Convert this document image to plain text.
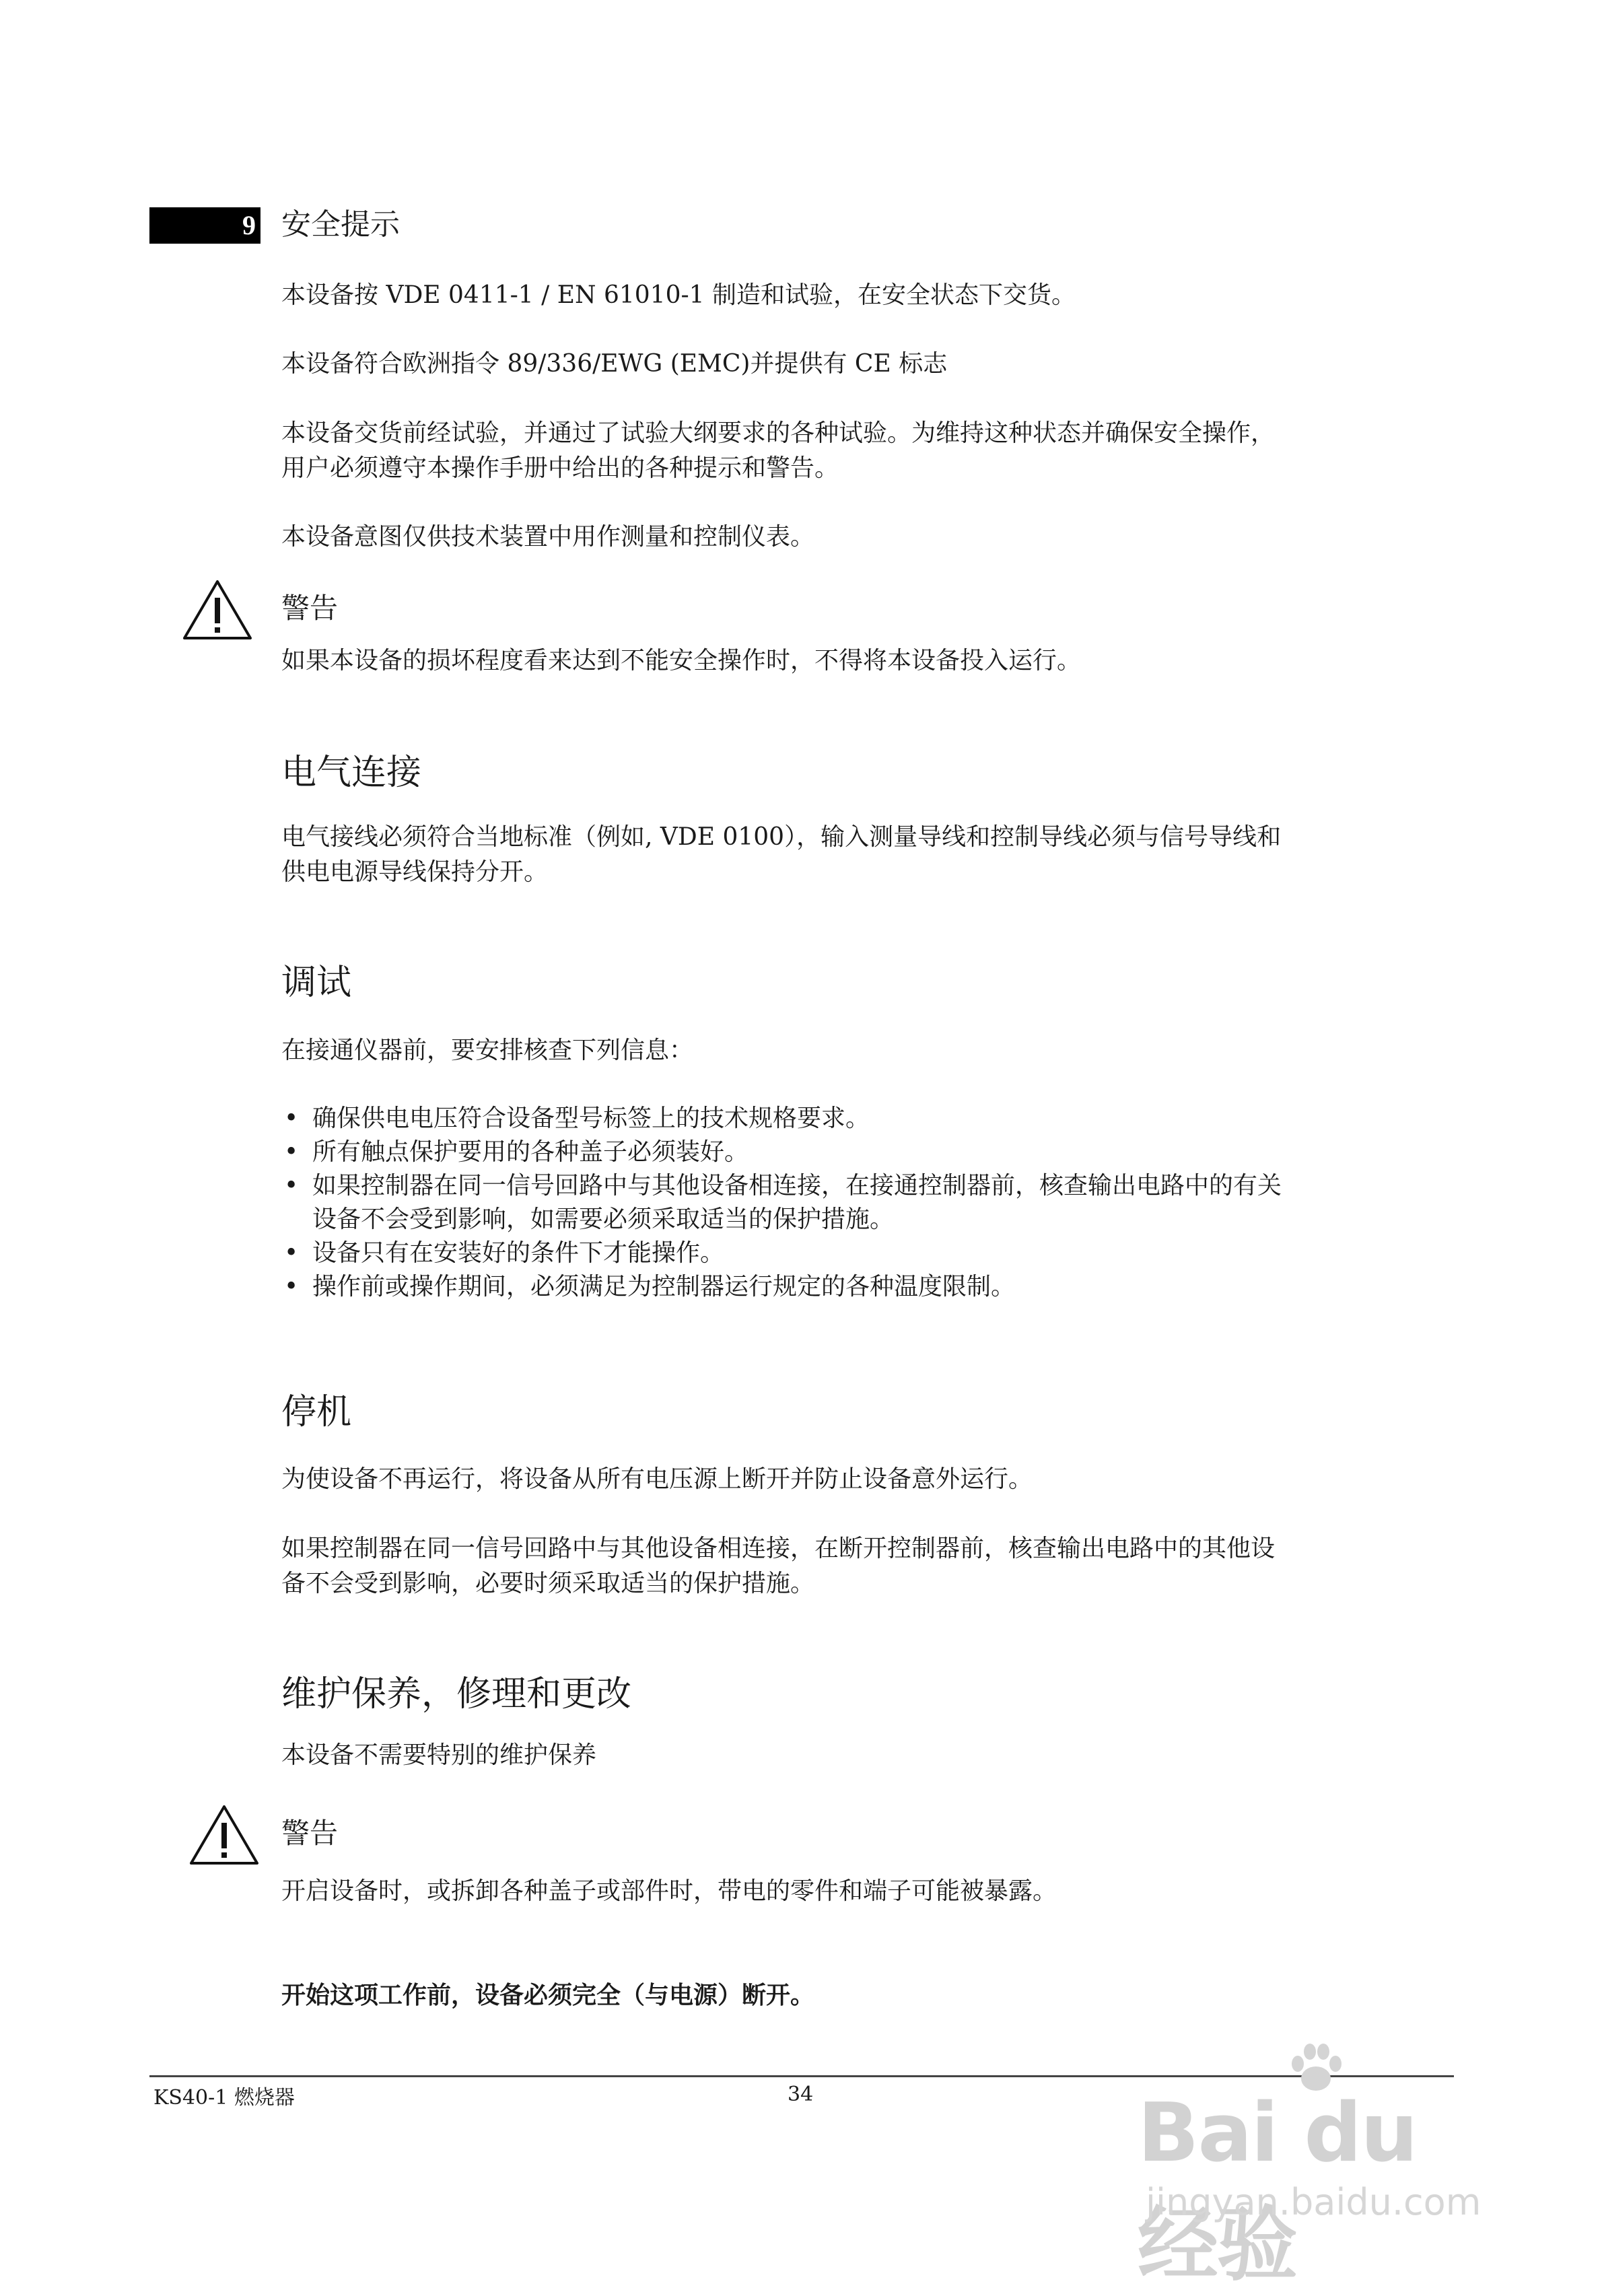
9 安全提示
本设备按 VDE 0411-1 / EN 61010-1 制造和试验，在安全状态下交货。
本设备符合欧洲指令 89/336/EWG (EMC)并提供有 CE 标志
本设备交货前经试验，并通过了试验大纲要求的各种试验。为维持这种状态并确保安全操作，
用户必须遵守本操作手册中给出的各种提示和警告。
本设备意图仅供技术装置中用作测量和控制仪表。
警告
如果本设备的损坏程度看来达到不能安全操作时，不得将本设备投入运行。
电气连接
电气接线必须符合当地标准（例如, VDE 0100），输入测量导线和控制导线必须与信号导线和
供电电源导线保持分开。
调试
在接通仪器前，要安排核查下列信息：
• 确保供电电压符合设备型号标签上的技术规格要求。
• 所有触点保护要用的各种盖子必须装好。
• 如果控制器在同一信号回路中与其他设备相连接，在接通控制器前，核查输出电路中的有关
设备不会受到影响，如需要必须采取适当的保护措施。
• 设备只有在安装好的条件下才能操作。
• 操作前或操作期间，必须满足为控制器运行规定的各种温度限制。
停机
为使设备不再运行，将设备从所有电压源上断开并防止设备意外运行。
如果控制器在同一信号回路中与其他设备相连接，在断开控制器前，核查输出电路中的其他设
备不会受到影响，必要时须采取适当的保护措施。
维护保养，修理和更改
本设备不需要特别的维护保养
警告
开启设备时，或拆卸各种盖子或部件时，带电的零件和端子可能被暴露。
开始这项工作前，设备必须完全（与电源）断开。
KS40-1 燃烧器	34	Bai du 经验
jingyan.baidu.com
